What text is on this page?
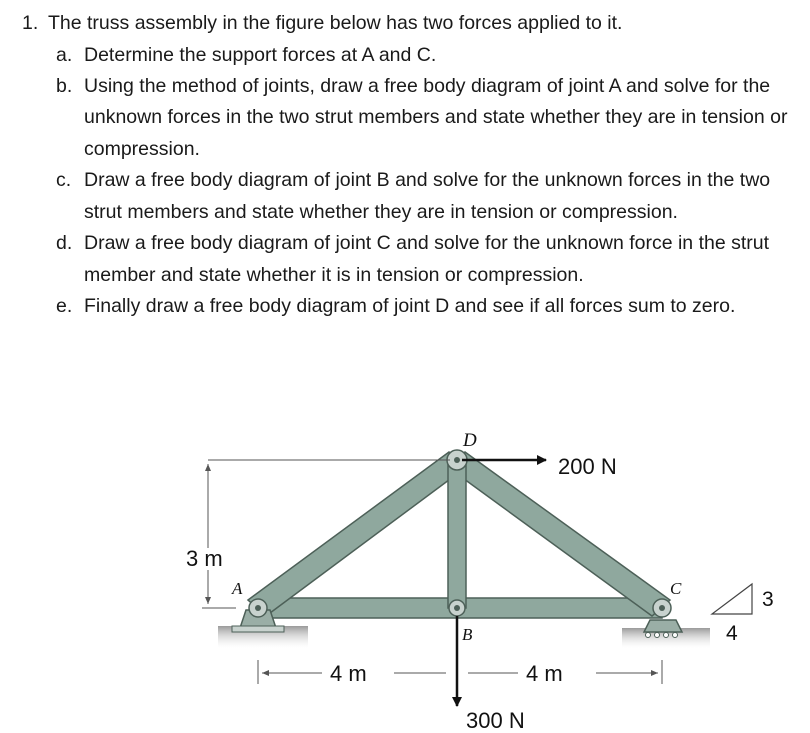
1. The truss assembly in the figure below has two forces applied to it.
a. Determine the support forces at A and C.
b. Using the method of joints, draw a free body diagram of joint A and solve for the unknown forces in the two strut members and state whether they are in tension or compression.
c. Draw a free body diagram of joint B and solve for the unknown forces in the two strut members and state whether they are in tension or compression.
d. Draw a free body diagram of joint C and solve for the unknown force in the strut member and state whether it is in tension or compression.
e. Finally draw a free body diagram of joint D and see if all forces sum to zero.
D
A
B
C
200 N
300 N
3 m
4 m	4 m
3
4
